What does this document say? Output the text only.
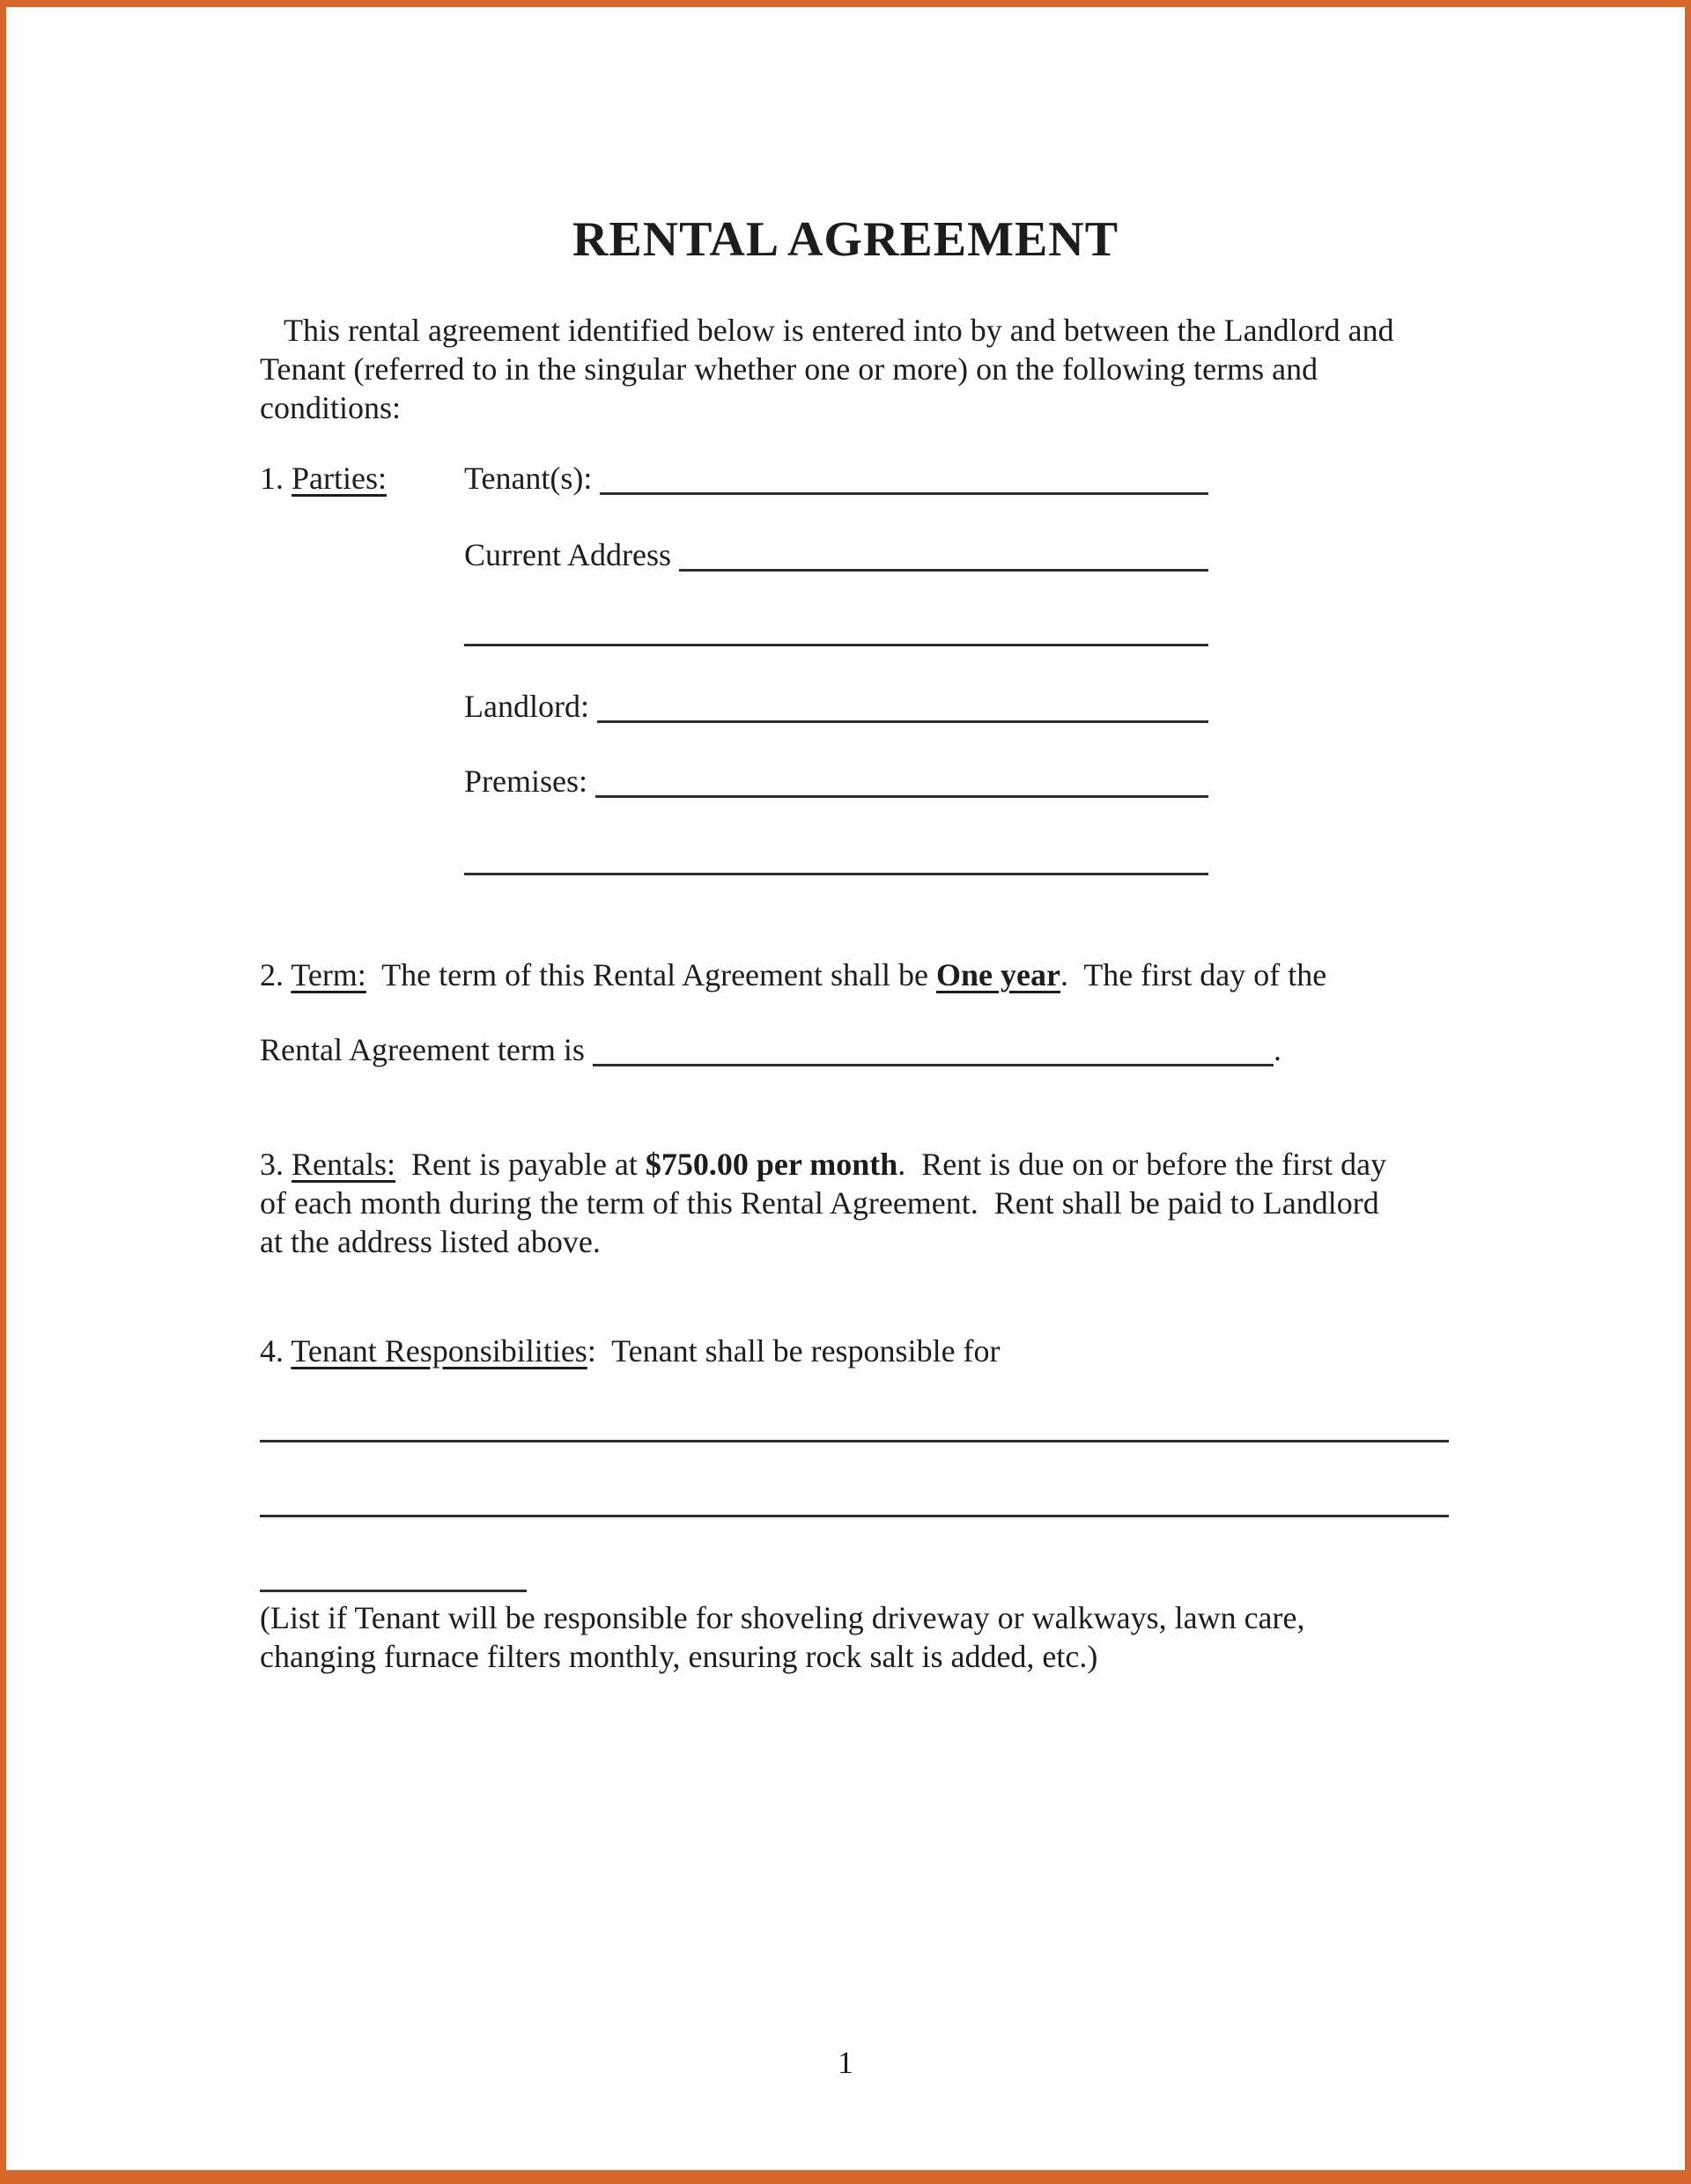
RENTAL AGREEMENT
This rental agreement identified below is entered into by and between the Landlord and
Tenant (referred to in the singular whether one or more) on the following terms and
conditions:
1. Parties: Tenant(s):
Current Address
Landlord:
Premises:
2. Term:  The term of this Rental Agreement shall be One year.  The first day of the
Rental Agreement term is	.
3. Rentals:  Rent is payable at $750.00 per month.  Rent is due on or before the first day
of each month during the term of this Rental Agreement.  Rent shall be paid to Landlord
at the address listed above.
4. Tenant Responsibilities:  Tenant shall be responsible for
(List if Tenant will be responsible for shoveling driveway or walkways, lawn care,
changing furnace filters monthly, ensuring rock salt is added, etc.)
1
